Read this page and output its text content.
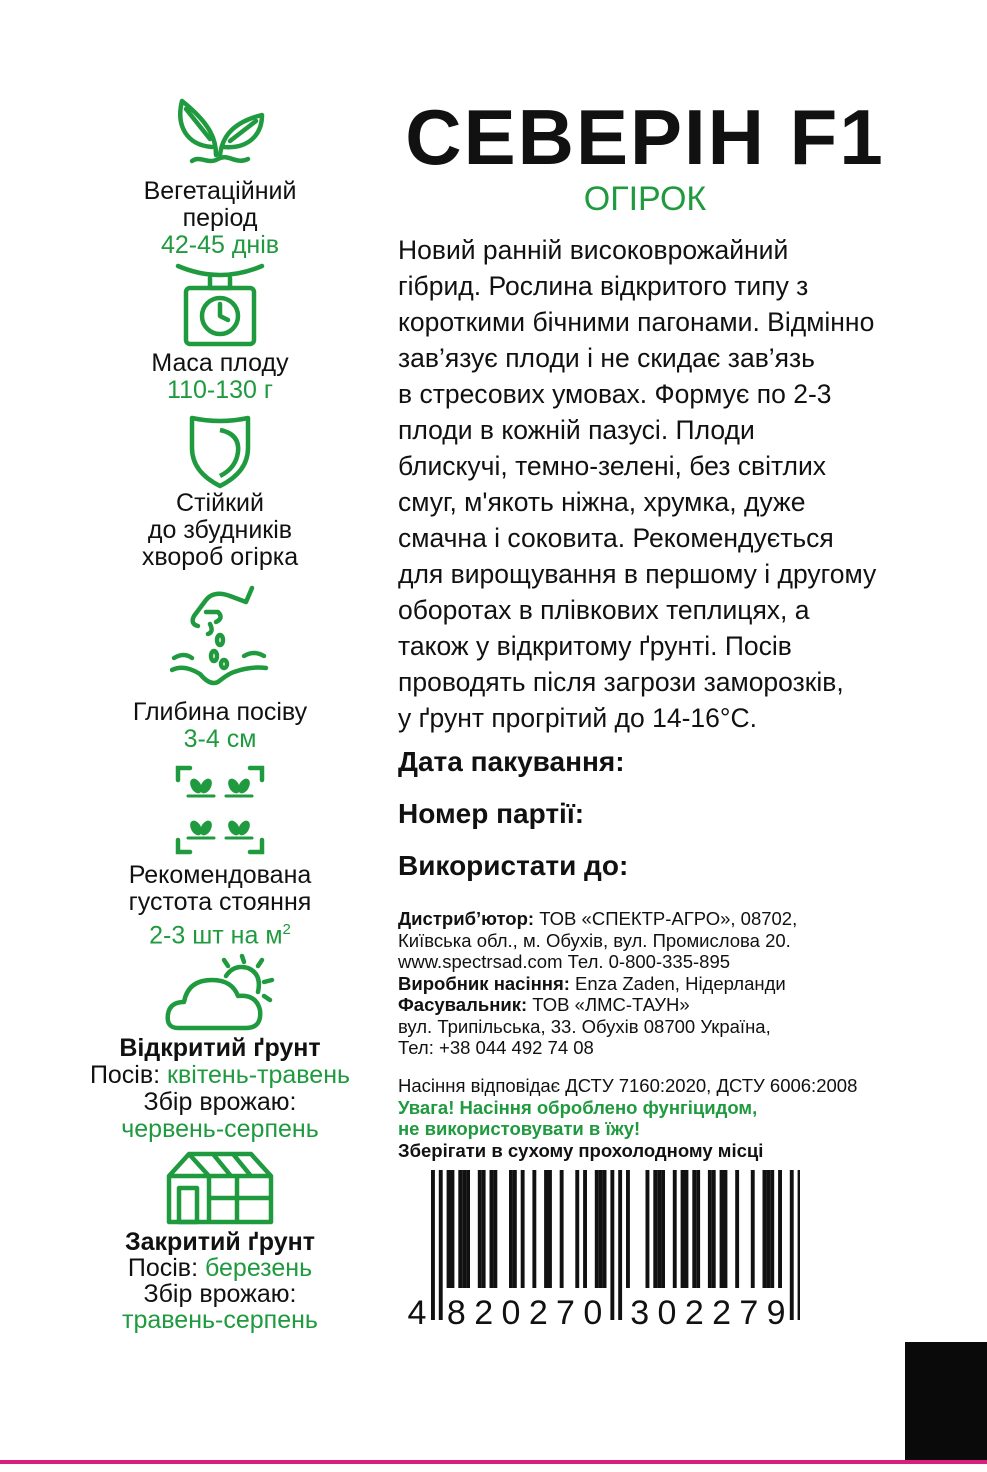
Вегетаційний
період
42-45 днів
Маса плоду
110-130 г
Стійкий
до збудників
хвороб огірка
Глибина посіву
3-4 см
Рекомендована
густота стояння
2-3 шт на $м^2$
Відкритий ґрунт
Посів: квітень-травень
Збір врожаю:
червень-серпень
Закритий ґрунт
Посів: березень
Збір врожаю:
травень-серпень
СЕВЕРІН F1
ОГІРОК
Новий ранній високоврожайний
гібрид. Рослина відкритого типу з
короткими бічними пагонами. Відмінно
зав’язує плоди і не скидає зав’язь
в стресових умовах. Формує по 2-3
плоди в кожній пазусі. Плоди
блискучі, темно-зелені, без світлих
смуг, м'якоть ніжна, хрумка, дуже
смачна і соковита. Рекомендується
для вирощування в першому і другому
оборотах в плівкових теплицях, а
також у відкритому ґрунті. Посів
проводять після загрози заморозків,
у ґрунт прогрітий до 14-16°C.
Дата пакування:
Номер партії:
Використати до:
Дистриб’ютор: ТОВ «СПЕКТР-АГРО», 08702,
Київська обл., м. Обухів, вул. Промислова 20.
www.spectrsad.com Тел. 0-800-335-895
Виробник насіння: Enza Zaden, Нідерланди
Фасувальник: ТОВ «ЛМС-ТАУН»
вул. Трипільська, 33. Обухів 08700 Україна,
Тел: +38 044 492 74 08
Насіння відповідає ДСТУ 7160:2020, ДСТУ 6006:2008
Увага! Насіння оброблено фунгіцидом,
не використовувати в їжу!
Зберігати в сухому прохолодному місці
4 8 2 0 2 7 0 3 0 2 2 7 9
